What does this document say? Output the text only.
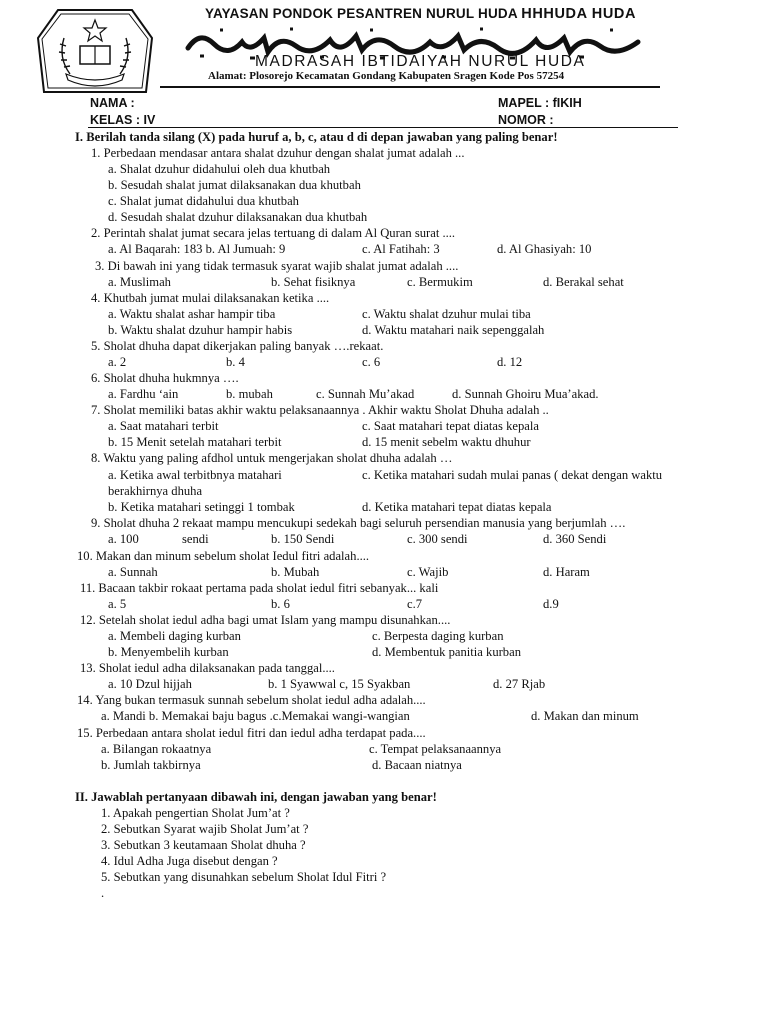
YAYASAN PONDOK PESANTREN NURUL HUDA HHHUDA HUDA
MADRASAH IBTIDAIYAH NURUL HUDA
Alamat: Plosorejo Kecamatan Gondang Kabupaten Sragen Kode Pos 57254
NAMA :
KELAS : IV
MAPEL : fIKIH
NOMOR :
I. Berilah tanda silang (X) pada huruf a, b, c, atau d di depan jawaban yang paling benar!
1. Perbedaan mendasar antara shalat dzuhur dengan shalat jumat adalah ...
a. Shalat dzuhur didahului oleh dua khutbah
b. Sesudah shalat jumat dilaksanakan dua khutbah
c. Shalat jumat didahului dua khutbah
d. Sesudah shalat dzuhur dilaksanakan dua khutbah
2. Perintah shalat jumat secara jelas tertuang di dalam Al Quran surat ....
a. Al Baqarah: 183 b. Al Jumuah: 9	c. Al Fatihah: 3	d. Al Ghasiyah: 10
3. Di bawah ini yang tidak termasuk syarat wajib shalat jumat adalah ....
a. Muslimah	b. Sehat fisiknya	c. Bermukim	d. Berakal sehat
4. Khutbah jumat mulai dilaksanakan ketika ....
a. Waktu shalat ashar hampir tiba	c. Waktu shalat dzuhur mulai tiba
b. Waktu shalat dzuhur hampir habis	d. Waktu matahari naik sepenggalah
5. Sholat dhuha dapat dikerjakan paling banyak ….rekaat.
a. 2	b. 4	c. 6	d. 12
6. Sholat dhuha hukmnya ….
a. Fardhu ‘ain	b. mubah	c. Sunnah Mu’akad	d. Sunnah Ghoiru Mua’akad.
7. Sholat memiliki batas akhir waktu pelaksanaannya . Akhir waktu Sholat Dhuha adalah ..
a. Saat matahari terbit	c. Saat matahari tepat diatas kepala
b. 15 Menit setelah matahari terbit	d. 15 menit sebelm waktu dhuhur
8. Waktu yang paling afdhol untuk mengerjakan sholat dhuha adalah …
a. Ketika awal terbitbnya matahari	c. Ketika matahari sudah mulai panas ( dekat dengan waktu
berakhirnya dhuha
b. Ketika matahari setinggi 1 tombak	d. Ketika matahari tepat diatas kepala
9. Sholat dhuha 2 rekaat mampu mencukupi sedekah bagi seluruh persendian manusia yang berjumlah ….
a. 100	sendi	b. 150 Sendi	c. 300 sendi	d. 360 Sendi
10. Makan dan minum sebelum sholat Iedul fitri adalah....
a. Sunnah	b. Mubah	c. Wajib	d. Haram
11. Bacaan takbir rokaat pertama pada sholat iedul fitri sebanyak... kali
a. 5	b. 6	c.7	d.9
12. Setelah sholat iedul adha bagi umat Islam yang mampu disunahkan....
a. Membeli daging kurban	c. Berpesta daging kurban
b. Menyembelih kurban	d. Membentuk panitia kurban
13. Sholat iedul adha dilaksanakan pada tanggal....
a. 10 Dzul hijjah	b. 1 Syawwal c, 15 Syakban	d. 27 Rjab
14. Yang bukan termasuk sunnah sebelum sholat iedul adha adalah....
a. Mandi b. Memakai baju bagus .c.Memakai wangi-wangian	d. Makan dan minum
15. Perbedaan antara sholat iedul fitri dan iedul adha terdapat pada....
a. Bilangan rokaatnya	c. Tempat pelaksanaannya
b. Jumlah takbirnya	d. Bacaan niatnya
II. Jawablah pertanyaan dibawah ini, dengan jawaban yang benar!
1. Apakah pengertian Sholat Jum’at ?
2. Sebutkan Syarat wajib Sholat Jum’at ?
3. Sebutkan 3 keutamaan Sholat dhuha ?
4. Idul Adha Juga disebut dengan ?
5. Sebutkan yang disunahkan sebelum Sholat Idul Fitri ?
.
